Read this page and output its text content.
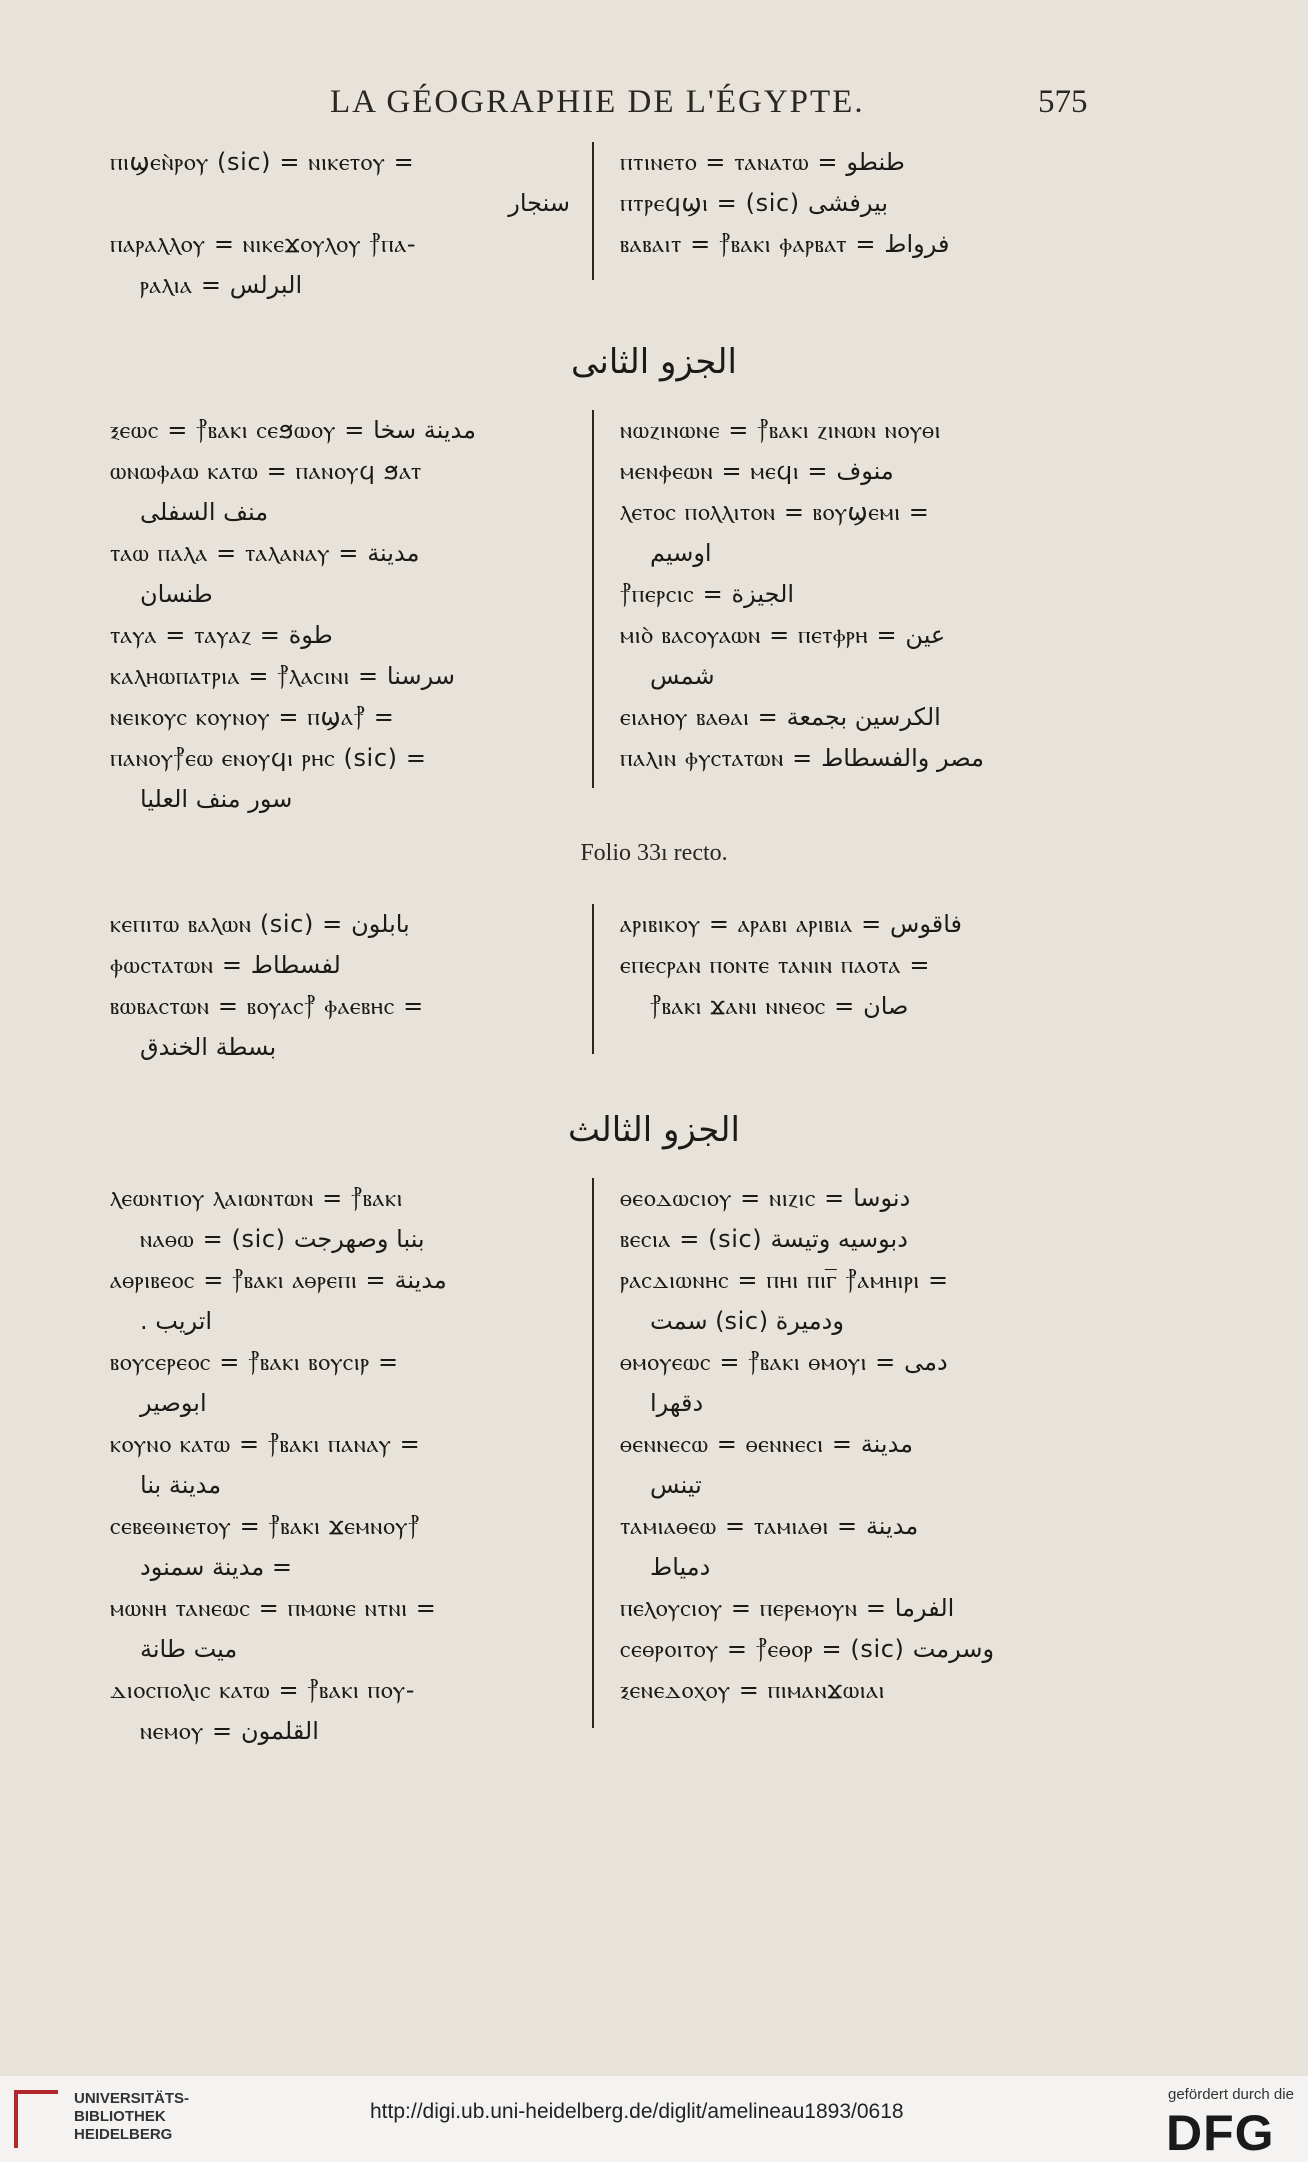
LA GÉOGRAPHIE DE L'ÉGYPTE.	575
ⲡⲓϣⲉⲛ̀ⲣⲟⲩ (sic) = ⲛⲓⲕⲉⲧⲟⲩ =
سنجار
ⲡⲁⲣⲁⲗⲗⲟⲩ = ⲛⲓⲕⲉϫⲟⲩⲗⲟⲩ ⳨ⲡⲁ-
ⲣⲁⲗⲓⲁ = البرلس
ⲡⲧⲓⲛⲉⲧⲟ = ⲧⲁⲛⲁⲧⲱ = طنطو
ⲡⲧⲣⲉϥϣⲓ = (sic) بيرفشى
ⲃⲁⲃⲁⲓⲧ = ⳨ⲃⲁⲕⲓ ⲫⲁⲣⲃⲁⲧ = فرواط
الجزو الثانى
ⲝⲉⲱⲥ = ⳨ⲃⲁⲕⲓ ⲥⲉϧⲱⲟⲩ = مدينة سخا
ⲱⲛⲱⲫⲁⲱ ⲕⲁⲧⲱ = ⲡⲁⲛⲟⲩϥ ϧⲁⲧ
منف السفلى
ⲧⲁⲱ ⲡⲁⲗⲁ = ⲧⲁⲗⲁⲛⲁⲩ = مدينة
طنسان
ⲧⲁⲩⲁ = ⲧⲁⲩⲁⲍ = طوة
ⲕⲁⲗⲏⲱⲡⲁⲧⲣⲓⲁ = ⳨ⲗⲁⲥⲓⲛⲓ = سرسنا
ⲛⲉⲓⲕⲟⲩⲥ ⲕⲟⲩⲛⲟⲩ = ⲡϣⲁ⳨ =
ⲡⲁⲛⲟⲩ⳨ⲉⲱ ⲉⲛⲟⲩϥⲓ ⲣⲏⲥ (sic) =
سور منف العليا
ⲛⲱⲍⲓⲛⲱⲛⲉ = ⳨ⲃⲁⲕⲓ ⲍⲓⲛⲱⲛ ⲛⲟⲩⲑⲓ
ⲙⲉⲛⲫⲉⲱⲛ = ⲙⲉϥⲓ = منوف
ⲗⲉⲧⲟⲥ ⲡⲟⲗⲗⲓⲧⲟⲛ = ⲃⲟⲩϣⲉⲙⲓ =
اوسيم
⳨ⲡⲉⲣⲥⲓⲥ = الجيزة
ⲙⲓⲟ̀ ⲃⲁⲥⲟⲩⲁⲱⲛ = ⲡⲉⲧⲫⲣⲏ = عين
شمس
ⲉⲓⲁⲏⲟⲩ ⲃⲁⲑⲁⲓ = الكرسين بجمعة
ⲡⲁⲗⲓⲛ ⲫⲩⲥⲧⲁⲧⲱⲛ = مصر والفسطاط
Folio 33ı recto.
ⲕⲉⲡⲓⲧⲱ ⲃⲁⲗⲱⲛ (sic) = بابلون
ⲫⲱⲥⲧⲁⲧⲱⲛ = لفسطاط
ⲃⲱⲃⲁⲥⲧⲱⲛ = ⲃⲟⲩⲁⲥ⳨ ⲫⲁⲉⲃⲏⲥ =
بسطة الخندق
ⲁⲣⲓⲃⲓⲕⲟⲩ = ⲁⲣⲁⲃⲓ ⲁⲣⲓⲃⲓⲁ = فاقوس
ⲉⲡⲉⲥⲣⲁⲛ ⲡⲟⲛⲧⲉ ⲧⲁⲛⲓⲛ ⲡⲁⲟⲧⲁ =
⳨ⲃⲁⲕⲓ ϫⲁⲛⲓ ⲛⲛⲉⲟⲥ = صان
الجزو الثالث
ⲗⲉⲱⲛⲧⲓⲟⲩ ⲗⲁⲓⲱⲛⲧⲱⲛ = ⳨ⲃⲁⲕⲓ
ⲛⲁⲑⲱ = (sic) بنبا وصهرجت
ⲁⲑⲣⲓⲃⲉⲟⲥ = ⳨ⲃⲁⲕⲓ ⲁⲑⲣⲉⲡⲓ = مدينة
اتريب .
ⲃⲟⲩⲥⲉⲣⲉⲟⲥ = ⳨ⲃⲁⲕⲓ ⲃⲟⲩⲥⲓⲣ =
ابوصير
ⲕⲟⲩⲛⲟ ⲕⲁⲧⲱ = ⳨ⲃⲁⲕⲓ ⲡⲁⲛⲁⲩ =
مدينة بنا
ⲥⲉⲃⲉⲑⲓⲛⲉⲧⲟⲩ = ⳨ⲃⲁⲕⲓ ϫⲉⲙⲛⲟⲩ⳨
= مدينة سمنود
ⲙⲱⲛⲏ ⲧⲁⲛⲉⲱⲥ = ⲡⲙⲱⲛⲉ ⲛⲧⲛⲓ =
ميت طانة
ⲇⲓⲟⲥⲡⲟⲗⲓⲥ ⲕⲁⲧⲱ = ⳨ⲃⲁⲕⲓ ⲡⲟⲩ-
ⲛⲉⲙⲟⲩ = القلمون
ⲑⲉⲟⲇⲱⲥⲓⲟⲩ = ⲛⲓⲍⲓⲥ = دنوسا
ⲃⲉⲥⲓⲁ = (sic) دبوسيه وتيسة
ⲣⲁⲥⲇⲓⲱⲛⲏⲥ = ⲡⲏⲓ ⲡⲓⲅ̅ ⳨ⲁⲙⲏⲓⲣⲓ =
ودميرة (sic) سمت
ⲑⲙⲟⲩⲉⲱⲥ = ⳨ⲃⲁⲕⲓ ⲑⲙⲟⲩⲓ = دمى
دقهرا
ⲑⲉⲛⲛⲉⲥⲱ = ⲑⲉⲛⲛⲉⲥⲓ = مدينة
تينس
ⲧⲁⲙⲓⲁⲑⲉⲱ = ⲧⲁⲙⲓⲁⲑⲓ = مدينة
دمياط
ⲡⲉⲗⲟⲩⲥⲓⲟⲩ = ⲡⲉⲣⲉⲙⲟⲩⲛ = الفرما
ⲥⲉⲑⲣⲟⲓⲧⲟⲩ = ⳨ⲉⲑⲟⲣ = (sic) وسرمت
ⲝⲉⲛⲉⲇⲟⲭⲟⲩ = ⲡⲓⲙⲁⲛϫⲱⲓⲁⲓ
UNIVERSITÄTS-
BIBLIOTHEK
HEIDELBERG
http://digi.ub.uni-heidelberg.de/diglit/amelineau1893/0618
gefördert durch die
DFG
